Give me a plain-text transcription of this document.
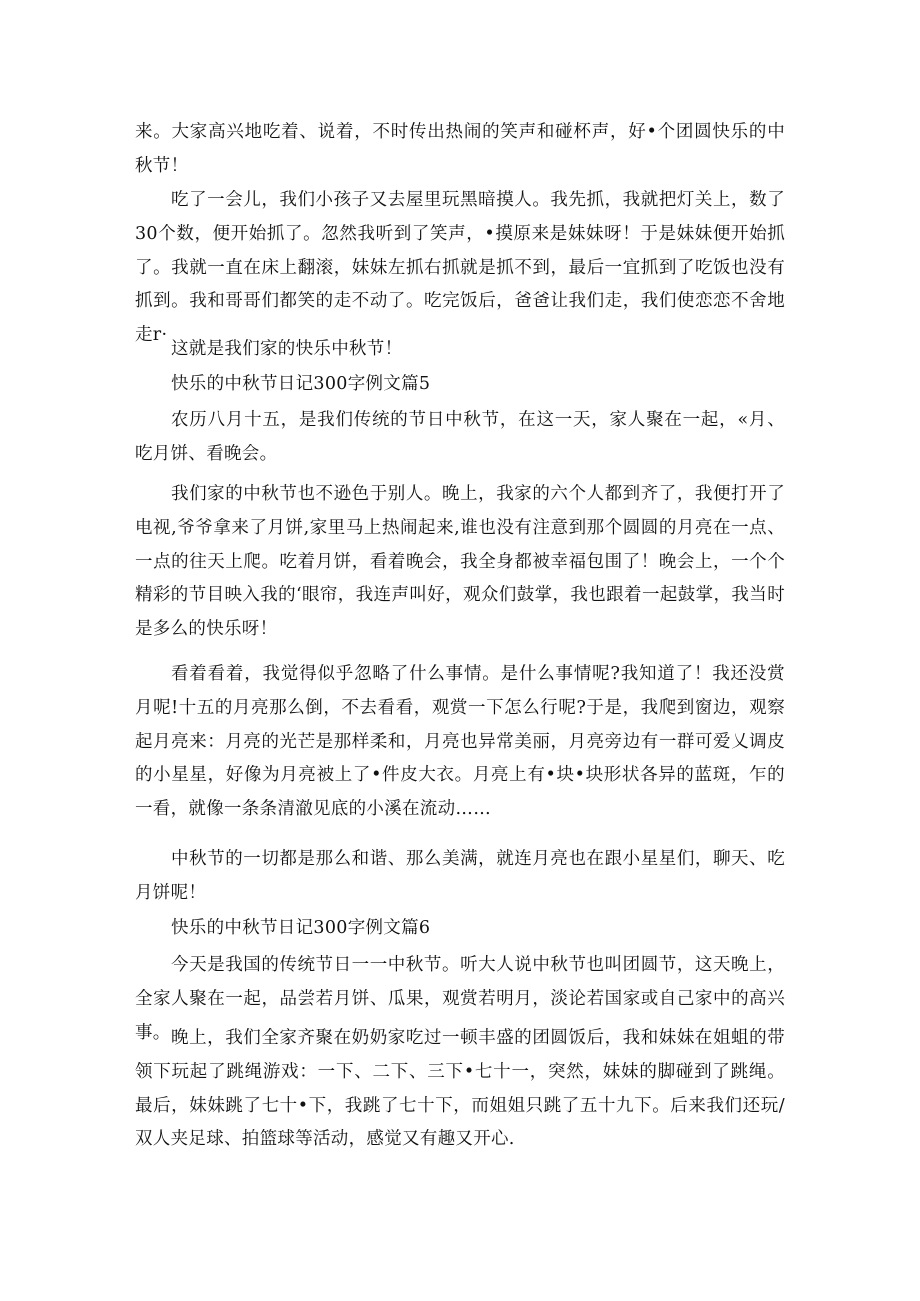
来。大家高兴地吃着、说着，不时传出热闹的笑声和碰杯声，好•个团圆快乐的中秋节！

吃了一会儿，我们小孩子又去屋里玩黑暗摸人。我先抓，我就把灯关上，数了30个数，便开始抓了。忽然我听到了笑声，•摸原来是妹妹呀！于是妹妹便开始抓了。我就一直在床上翻滚，妹妹左抓右抓就是抓不到，最后一宜抓到了吃饭也没有抓到。我和哥哥们都笑的走不动了。吃完饭后，爸爸让我们走，我们使恋恋不舍地走r·

这就是我们家的快乐中秋节！

快乐的中秋节日记300字例文篇5

农历八月十五，是我们传统的节日中秋节，在这一天，家人聚在一起，«月、吃月饼、看晚会。

我们家的中秋节也不逊色于别人。晚上，我家的六个人都到齐了，我便打开了电视,爷爷拿来了月饼,家里马上热闹起来,谁也没有注意到那个圆圆的月亮在一点、一点的往天上爬。吃着月饼，看着晚会，我全身都被幸福包围了！晚会上，一个个精彩的节目映入我的‘眼帘，我连声叫好，观众们鼓掌，我也跟着一起鼓掌，我当时是多么的快乐呀！

看着看着，我觉得似乎忽略了什么事情。是什么事情呢?我知道了！我还没赏月呢!十五的月亮那么倒，不去看看，观赏一下怎么行呢?于是，我爬到窗边，观察起月亮来：月亮的光芒是那样柔和，月亮也异常美丽，月亮旁边有一群可爱乂调皮的小星星，好像为月亮被上了•件皮大衣。月亮上有•块•块形状各异的蓝斑，乍的一看，就像一条条清澈见底的小溪在流动……

中秋节的一切都是那么和谐、那么美满，就连月亮也在跟小星星们，聊天、吃月饼呢！

快乐的中秋节日记300字例文篇6

今天是我国的传统节日一一中秋节。听大人说中秋节也叫团圆节，这天晚上，全家人聚在一起，品尝若月饼、瓜果，观赏若明月，淡论若国家或自己家中的高兴事。 晚上，我们全家齐聚在奶奶家吃过一顿丰盛的团圆饭后，我和妹妹在姐蛆的带领下玩起了跳绳游戏：一下、二下、三下•七十一，突然，妹妹的脚碰到了跳绳。最后，妹妹跳了七十•下，我跳了七十下，而姐姐只跳了五十九下。后来我们还玩/双人夹足球、拍篮球等活动，感觉又有趣又开心.
